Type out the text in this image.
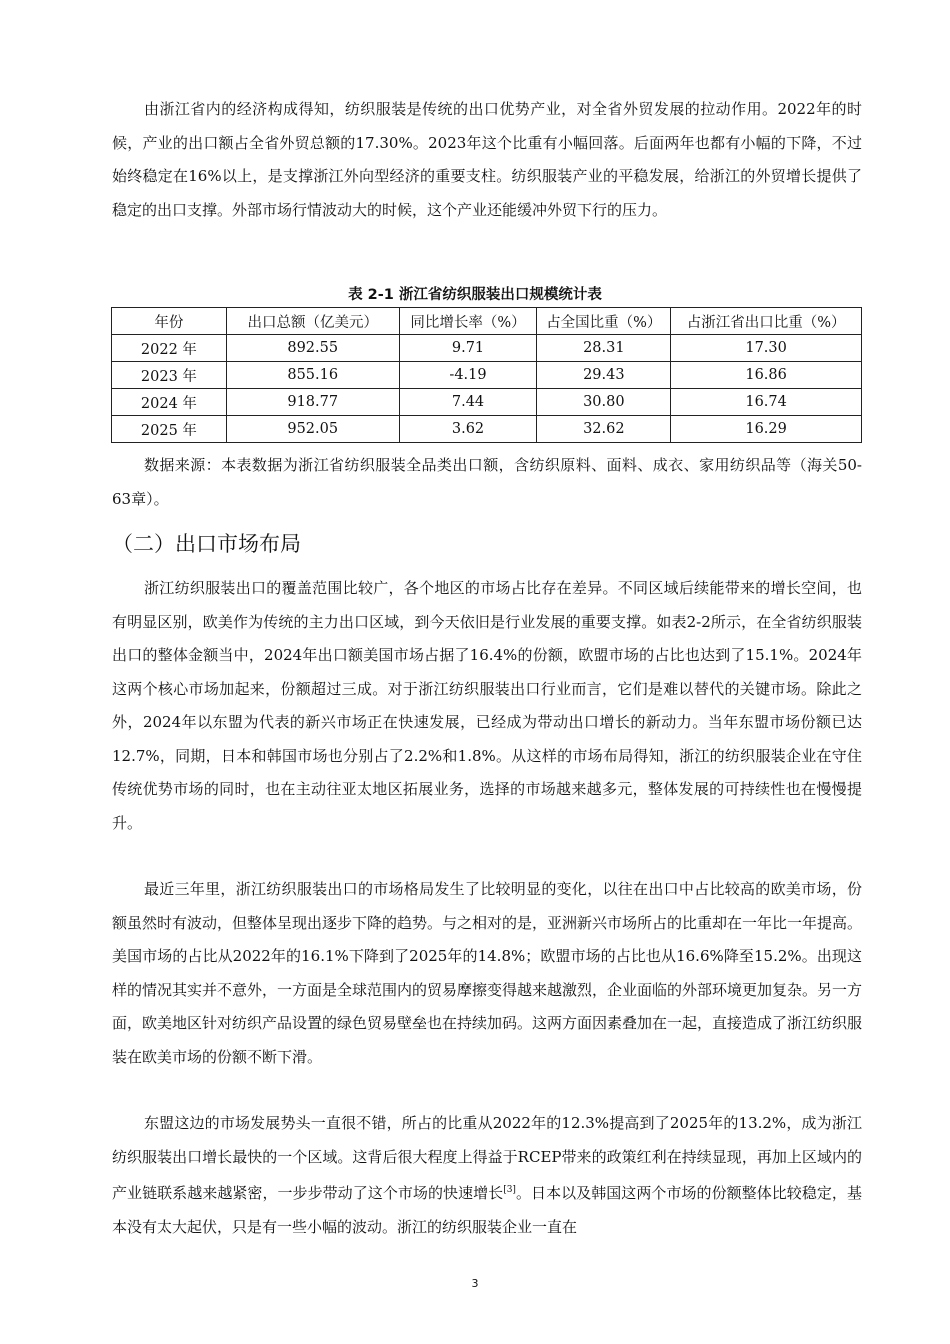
由浙江省内的经济构成得知，纺织服装是传统的出口优势产业，对全省外贸发展的拉动作用。2022年的时候，产业的出口额占全省外贸总额的17.30%。2023年这个比重有小幅回落。后面两年也都有小幅的下降，不过始终稳定在16%以上，是支撑浙江外向型经济的重要支柱。纺织服装产业的平稳发展，给浙江的外贸增长提供了稳定的出口支撑。外部市场行情波动大的时候，这个产业还能缓冲外贸下行的压力。

表 2-1 浙江省纺织服装出口规模统计表
年份	出口总额（亿美元）	同比增长率（%）	占全国比重（%）	占浙江省出口比重（%）
2022 年	892.55	9.71	28.31	17.30
2023 年	855.16	-4.19	29.43	16.86
2024 年	918.77	7.44	30.80	16.74
2025 年	952.05	3.62	32.62	16.29

数据来源：本表数据为浙江省纺织服装全品类出口额，含纺织原料、面料、成衣、家用纺织品等（海关50-63章）。

（二）出口市场布局

浙江纺织服装出口的覆盖范围比较广，各个地区的市场占比存在差异。不同区域后续能带来的增长空间，也有明显区别，欧美作为传统的主力出口区域，到今天依旧是行业发展的重要支撑。如表2-2所示，在全省纺织服装出口的整体金额当中，2024年出口额美国市场占据了16.4%的份额，欧盟市场的占比也达到了15.1%。2024年这两个核心市场加起来，份额超过三成。对于浙江纺织服装出口行业而言，它们是难以替代的关键市场。除此之外，2024年以东盟为代表的新兴市场正在快速发展，已经成为带动出口增长的新动力。当年东盟市场份额已达12.7%，同期，日本和韩国市场也分别占了2.2%和1.8%。从这样的市场布局得知，浙江的纺织服装企业在守住传统优势市场的同时，也在主动往亚太地区拓展业务，选择的市场越来越多元，整体发展的可持续性也在慢慢提升。

最近三年里，浙江纺织服装出口的市场格局发生了比较明显的变化，以往在出口中占比较高的欧美市场，份额虽然时有波动，但整体呈现出逐步下降的趋势。与之相对的是，亚洲新兴市场所占的比重却在一年比一年提高。美国市场的占比从2022年的16.1%下降到了2025年的14.8%；欧盟市场的占比也从16.6%降至15.2%。出现这样的情况其实并不意外，一方面是全球范围内的贸易摩擦变得越来越激烈，企业面临的外部环境更加复杂。另一方面，欧美地区针对纺织产品设置的绿色贸易壁垒也在持续加码。这两方面因素叠加在一起，直接造成了浙江纺织服装在欧美市场的份额不断下滑。

东盟这边的市场发展势头一直很不错，所占的比重从2022年的12.3%提高到了2025年的13.2%，成为浙江纺织服装出口增长最快的一个区域。这背后很大程度上得益于RCEP带来的政策红利在持续显现，再加上区域内的产业链联系越来越紧密，一步步带动了这个市场的快速增长[3]。日本以及韩国这两个市场的份额整体比较稳定，基本没有太大起伏，只是有一些小幅的波动。浙江的纺织服装企业一直在

3
